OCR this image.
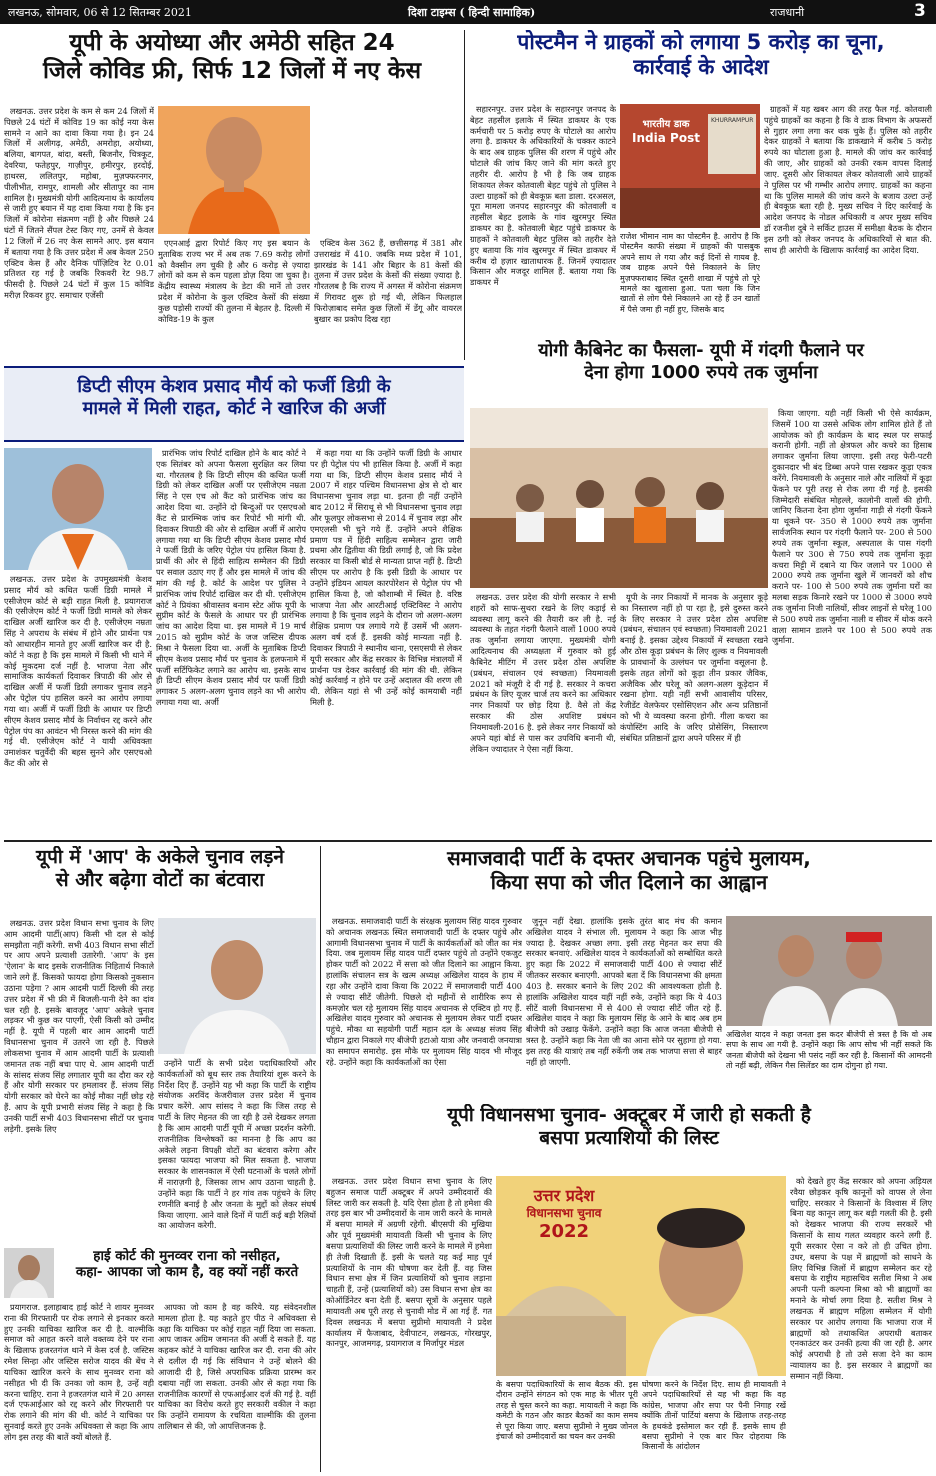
लखनऊ, सोमवार, 06 से 12 सितम्बर 2021	दिशा टाइम्स ( हिन्दी सामाहिक)	राजधानी	3
यूपी के अयोध्या और अमेठी सहित 24
जिले कोविड फ्री, सिर्फ 12 जिलों में नए केस

लखनऊ. उत्तर प्रदेश के कम से कम 24 जिलों में पिछले 24 घंटों में कोविड 19 का कोई नया केस सामने न आने का दावा किया गया है। इन 24 जिलों में अलीगढ़, अमेठी, अमरोहा, अयोध्या, बलिया, बागपत, बांदा, बस्ती, बिजनौर, चित्रकूट, देवरिया, फतेहपुर, गाज़ीपुर, हमीरपुर, हरदोई, हाथरस, ललितपुर, महोबा, मुज़फ्फरनगर, पीलीभीत, रामपुर, शामली और सीतापुर का नाम शामिल है। मुख्यमंत्री योगी आदित्यनाथ के कार्यालय से जारी हुए बयान में यह दावा किया गया है कि इन जिलों में कोरोना संक्रमण नहीं है और पिछले 24 घंटों में जितने सैंपल टेस्ट किए गए, उनमें से केवल 12 जिलों में 26 नए केस सामने आए. इस बयान में बताया गया है कि उत्तर प्रदेश में अब केवल 250 एक्टिव केस हैं और दैनिक पॉज़िटिव रेट 0.01 प्रतिशत रह गई है जबकि रिकवरी रेट 98.7 फीसदी है. पिछले 24 घंटों में कुल 15 कोविड मरीज़ रिकवर हुए. समाचार एजेंसी

एएनआई द्वारा रिपोर्ट किए गए इस बयान के मुताबिक राज्य भर में अब तक 7.69 करोड़ लोगों को वैक्सीन लग चुकी है और 6 करोड़ से ज़्यादा लोगों को कम से कम पहला डोज़ दिया जा चुका है। केंद्रीय स्वास्थ्य मंत्रालय के डेटा की मानें तो उत्तर प्रदेश में कोरोना के कुल एक्टिव केसों की संख्या कुछ पड़ोसी राज्यों की तुलना में बेहतर है. दिल्ली में कोविड-19 के कुल

एक्टिव केस 362 हैं, छत्तीसगढ़ में 381 और उत्तराखंड में 410. जबकि मध्य प्रदेश में 101, झारखंड के 141 और बिहार के 81 केसों की तुलना में उत्तर प्रदेश के केसों की संख्या ज़्यादा है. गौरतलब है कि राज्य में अगस्त में कोरोना संक्रमण में गिरावट शुरू हो गई थी, लेकिन फिलहाल फिरोज़ाबाद समेत कुछ ज़िलों में डेंगू और वायरल बुखार का प्रकोप दिख रहा

पोस्टमैन ने ग्राहकों को लगाया 5 करोड़ का चूना,
कार्रवाई के आदेश

सहारनपुर. उत्तर प्रदेश के सहारनपुर जनपद के बेहट तहसील इलाके में स्थित डाकघर के एक कर्मचारी पर 5 करोड़ रुपए के घोटाले का आरोप लगा है. डाकघर के अधिकारियों के चक्कर काटने के बाद अब ग्राहक पुलिस की शरण में पहुंचे और घोटाले की जांच किए जाने की मांग करते हुए तहरीर दी. आरोप है भी है कि जब ग्राहक शिकायत लेकर कोतवाली बेहट पहुंचे तो पुलिस ने उल्टा ग्राहकों को ही बेवकूफ़ बता डाला. दरअसल, पूरा मामला जनपद सहारनपुर की कोतवाली व तहसील बेहट इलाके के गांव खुरमपुर स्थित डाकघर का है. कोतवाली बेहट पहुंचे डाकघर के ग्राहकों ने कोतवाली बेहट पुलिस को तहरीर देते हुए बताया कि गांव खुरमपुर में स्थित डाकघर में करीब दो हज़ार खाताधारक हैं. जिनमें ज़्यादातर किसान और मजदूर शामिल हैं. बताया गया कि डाकघर में

भारतीय डाक
India Post
KHURRAMPUR
राजेश भीमान नाम का पोस्टमैन है. आरोप है कि पोस्टमैन काफी संख्या में ग्राहकों की पासबुक अपने साथ ले गया और कई दिनों से गायब है. जब ग्राहक अपने पैसे निकालने के लिए मुज़फ्फराबाद स्थित दूसरी शाखा में पहुंचे तो पूरे मामले का खुलासा हुआ. पता चला कि जिन खातों से लोग पैसे निकालने आ रहे हैं उन खातों में पैसे जमा ही नहीं हुए, जिसके बाद

ग्राहकों में यह खबर आग की तरह फैल गई. कोतवाली पहुंचे ग्राहकों का कहना है कि वे डाक विभाग के अफसरों से गुहार लगा लगा कर थक चुके हैं। पुलिस को तहरीर देकर ग्राहकों ने बताया कि डाकखाने में करीब 5 करोड़ रुपये का घोटाला हुआ है. मामले की जांच कर कार्रवाई की जाए, और ग्राहकों को उनकी रकम वापस दिलाई जाए. दूसरी ओर शिकायत लेकर कोतवाली आये ग्राहकों ने पुलिस पर भी गम्भीर आरोप लगाए. ग्राहकों का कहना था कि पुलिस मामले की जांच करने के बजाय उल्टा उन्हें ही बेवकूफ़ बता रही है. मुख्य सचिव ने दिए कार्रवाई के आदेश जनपद के नोडल अधिकारी व अपर मुख्य सचिव डॉ रजनीश दुबे ने सर्किट हाउस में समीक्षा बैठक के दौरान इस ठगी को लेकर जनपद के अधिकारियों से बात की. साथ ही आरोपी के खिलाफ कार्रवाई का आदेश दिया.

योगी कैबिनेट का फैसला- यूपी में गंदगी फैलाने पर
देना होगा 1000 रुपये तक जुर्माना

लखनऊ. उत्तर प्रदेश की योगी सरकार ने सभी शहरों को साफ-सुथरा रखने के लिए कड़ाई से व्यवस्था लागू करने की तैयारी कर ली है. नई व्यवस्था के तहत गंदगी फैलाने वालों 1000 रुपये तक जुर्माना लगाया जाएगा. मुख्यमंत्री योगी आदित्यनाथ की अध्यक्षता में गुरुवार को हुई कैबिनेट मीटिंग में उत्तर प्रदेश ठोस अपशिष्ट (प्रबंधन, संचालन एवं स्वच्छता) नियमावली 2021 को मंजूरी दे दी गई है. सरकार ने कचरा प्रबंधन के लिए यूजर चार्ज तय करने का अधिकार नगर निकायों पर छोड़ दिया है. वैसे तो केंद्र सरकार की ठोस अपशिष्ट प्रबंधन नियमावली-2016 है. इसे लेकर नगर निकायों को अपने यहां बोर्ड से पास कर उपविधि बनानी थी, लेकिन ज्यादातर ने ऐसा नहीं किया.

यूपी के नगर निकायों में मानक के अनुसार कूड़े का निस्तारण नहीं हो पा रहा है, इसे दुरुस्त करने के लिए सरकार ने उत्तर प्रदेश ठोस अपशिष्ट (प्रबंधन, संचालन एवं स्वच्छता) नियमावली 2021 बनाई है. इसका उद्देश्य निकायों में स्वच्छता रखने और ठोस कूड़ा प्रबंधन के लिए शुल्क व नियमावली के प्रावधानों के उल्लंघन पर जुर्माना वसूलना है. इसके तहत लोगों को कूड़ा तीन प्रकार जैविक, अजैविक और घरेलू को अलग-अलग कूड़ेदान में रखना होगा. यही नहीं सभी आवासीय परिसर, रेजीडेंट वेलफेयर एसोसिएशन और अन्य प्रतिष्ठानों को भी ये व्यवस्था करना होगी. गीला कचरा का कंपोस्टिंग आदि के जरिए प्रोसेसिंग, निस्तारण संबंधित प्रतिष्ठानों द्वारा अपने परिसर में ही

किया जाएगा. यही नहीं किसी भी ऐसे कार्यक्रम, जिसमें 100 या उससे अधिक लोग शामिल होते हैं तो आयोजक को ही कार्यक्रम के बाद स्थल पर सफाई करानी होगी. नहीं तो क्षेत्रफल और कचरे का हिसाब लगाकर जुर्माना लिया जाएगा. इसी तरह फेरी-पटरी दुकानदार भी बंद डिब्बा अपने पास रखकर कूड़ा एकत्र करेंगे. नियमावली के अनुसार नाले और नालियों में कूड़ा फेंकने पर पूरी तरह से रोक लगा दी गई है. इसकी जिम्मेदारी संबंधित मोहल्ले, कालोनी वालों की होगी. जानिए कितना देना होगा जुर्माना गाड़ी से गंदगी फेंकने या थूकने पर- 350 से 1000 रुपये तक जुर्माना सार्वजनिक स्थान पर गंदगी फैलाने पर- 200 से 500 रुपये तक जुर्माना स्कूल, अस्पताल के पास गंदगी फैलाने पर 300 से 750 रुपये तक जुर्माना कूड़ा कचरा मिट्टी में दबाने या फिर जलाने पर 1000 से 2000 रुपये तक जुर्माना खुले में जानवरों को शौच कराने पर- 100 से 500 रुपये तक जुर्माना घरों का मलबा सड़क किनारे रखने पर 1000 से 3000 रुपये तक जुर्माना निजी नालियों, सीवर लाइनों से घरेलू 100 से 500 रुपये तक जुर्माना नाली व सीवर में थोक करने वाला सामान डालने पर 100 से 500 रुपये तक जुर्माना.

डिप्टी सीएम केशव प्रसाद मौर्य को फर्जी डिग्री के
मामले में मिली राहत, कोर्ट ने खारिज की अर्जी

लखनऊ. उत्तर प्रदेश के उपमुख्यमंत्री केशव प्रसाद मौर्य को कथित फर्जी डिग्री मामले में एसीजेएम कोर्ट से बड़ी राहत मिली है. प्रयागराज की एसीजेएम कोर्ट ने फर्जी डिग्री मामले को लेकर दाखिल अर्जी खारिज कर दी है. एसीजेएम नम्रता सिंह ने अपराध के संबंध में होने और प्रार्थना पत्र को आधारहीन मानते हुए अर्जी खारिज कर दी है. कोर्ट ने कहा है कि इस मामले में किसी भी थाने में कोई मुकदमा दर्ज नहीं है. भाजपा नेता और सामाजिक कार्यकर्ता दिवाकर त्रिपाठी की ओर से दाखिल अर्जी में फर्जी डिग्री लगाकर चुनाव लड़ने और पेट्रोल पंप हासिल करने का आरोप लगाया गया था। अर्जी में फर्जी डिग्री के आधार पर डिप्टी सीएम केशव प्रसाद मौर्य के निर्वाचन रद्द करने और पेट्रोल पंप का आवंटन भी निरस्त करने की मांग की गई थी. एसीजेएम कोर्ट ने यायी अधिवक्ता उमाशंकर चतुर्वेदी की बहस सुनने और एसएचओ कैंट की ओर से

प्रारंभिक जांच रिपोर्ट दाखिल होने के बाद कोर्ट ने एक सितंबर को अपना फैसला सुरक्षित कर लिया था. गौरतलब है कि डिप्टी सीएम की कथित फर्जी डिग्री को लेकर दाखिल अर्जी पर एसीजेएम नम्रता सिंह ने एस एच ओ कैंट को प्रारंभिक जांच का आदेश दिया था. उन्होंने दो बिन्दुओं पर एसएचओ कैंट से प्रारम्भिक जांच कर रिपोर्ट भी मांगी थी. दिवाकर त्रिपाठी की ओर से दाखिल अर्जी में आरोप लगाया गया था कि डिप्टी सीएम केशव प्रसाद मौर्य ने फर्जी डिग्री के जरिए पेट्रोल पंप हासिल किया है. प्रार्थी की ओर से हिंदी साहित्य सम्मेलन की डिग्री पर सवाल उठाए गए हैं और इस मामले में जांच की मांग की गई है. कोर्ट के आदेश पर पुलिस ने प्रारंभिक जांच रिपोर्ट दाखिल कर दी थी. एसीजेएम कोर्ट ने प्रियंका श्रीवास्तव बनाम स्टेट ऑफ यूपी के सुप्रीम कोर्ट के फैसले के आधार पर ही प्रारंभिक जांच का आदेश दिया था. इस मामले में 19 मार्च 2015 को सुप्रीम कोर्ट के जज जस्टिस दीपक मिश्रा ने फैसला दिया था. अर्जी के मुताबिक डिप्टी सीएम केशव प्रसाद मौर्य पर चुनाव के हलफनामे में फर्जी सर्टिफिकेट लगाने का आरोप था. इसके साथ ही डिप्टी सीएम केशव प्रसाद मौर्य पर फर्जी डिग्री लगाकर 5 अलग-अलग चुनाव लड़ने का भी आरोप लगाया गया था. अर्जी

में कहा गया था कि उन्होंने फर्जी डिग्री के आधार पर ही पेट्रोल पंप भी हासिल किया है. अर्जी में कहा गया था कि, डिप्टी सीएम केशव प्रसाद मौर्य ने 2007 में शहर पश्चिम विधानसभा क्षेत्र से दो बार विधानसभा चुनाव लड़ा था. इतना ही नहीं उन्होंने बाद 2012 में सिराथू से भी विधानसभा चुनाव लड़ा और फूलपुर लोकसभा से 2014 में चुनाव लड़ा और एमएलसी भी चुने गये हैं. उन्होंने अपने शैक्षिक प्रमाण पत्र में हिंदी साहित्य सम्मेलन द्वारा जारी प्रथमा और द्वितीया की डिग्री लगाई है, जो कि प्रदेश सरकार या किसी बोर्ड से मान्यता प्राप्त नहीं है. डिप्टी सीएम पर आरोप है कि इसी डिग्री के आधार पर उन्होंने इंडियन आयल कारपोरेशन से पेट्रोल पंप भी हासिल किया है, जो कौशाम्बी में स्थित है. वरिष्ठ भाजपा नेता और आरटीआई एक्टिविस्ट ने आरोप लगाया है कि चुनाव लड़ने के दौरान जो अलग-अलग शैक्षिक प्रमाण पत्र लगाये गये हैं उसमें भी अलग-अलग वर्ष दर्ज हैं. इसकी कोई मान्यता नहीं है. दिवाकर त्रिपाठी ने स्थानीय थाना, एसएसपी से लेकर यूपी सरकार और केंद्र सरकार के विभिन्न मंत्रालयों में प्रार्थना पत्र देकर कार्रवाई की मांग की थी. लेकिन कोई कार्रवाई न होने पर उन्हें अदालत की शरण ली थी. लेकिन यहां से भी उन्हें कोई कामयाबी नहीं मिली है.

यूपी में 'आप' के अकेले चुनाव लड़ने
से और बढ़ेगा वोटों का बंटवारा

लखनऊ. उत्तर प्रदेश विधान सभा चुनाव के लिए आम आदमी पार्टी(आप) किसी भी दल से कोई समझौता नहीं करेगी. सभी 403 विधान सभा सीटों पर आप अपने प्रत्याशी उतारेगी. 'आप' के इस 'ऐलान' के बाद इसके राजनीतिक निहितार्थ निकाले जाने लगे हैं. किसको फायदा होगा किसको नुकसान उठाना पड़ेगा ? आम आदमी पार्टी दिल्ली की तरह उत्तर प्रदेश में भी फ्री में बिजली-पानी देने का दांव चल रही है. इसके बावजूद 'आप' अकेले चुनाव लड़कर भी कुछ कर पाएगी, ऐसी किसी को उम्मीद नहीं है. यूपी में पहली बार आम आदमी पार्टी विधानसभा चुनाव में उतरने जा रही है. पिछले लोकसभा चुनाव में आम आदमी पार्टी के प्रत्याशी जमानत तक नहीं बचा पाए थे. आम आदमी पार्टी के सांसद संजय सिंह लगातार यूपी का दौरा कर रहे हैं और योगी सरकार पर हमलावर हैं. संजय सिंह योगी सरकार को घेरने का कोई मौका नहीं छोड़ रहे हैं. आप के यूपी प्रभारी संजय सिंह ने कहा है कि उनकी पार्टी सभी 403 विधानसभा सीटों पर चुनाव लड़ेगी. इसके लिए

उन्होंने पार्टी के सभी प्रदेश पदाधिकारियों और कार्यकर्ताओं को बूथ स्तर तक तैयारियां शुरू करने के निर्देश दिए हैं. उन्होंने यह भी कहा कि पार्टी के राष्ट्रीय संयोजक अरविंद केजरीवाल उत्तर प्रदेश में चुनाव प्रचार करेंगे. आप सांसद ने कहा कि जिस तरह से पार्टी के लिए मेहनत की जा रही है उसे देखकर लगता है कि आम आदमी पार्टी यूपी में अच्छा प्रदर्शन करेगी. राजनीतिक विश्लेषकों का मानना है कि आप का अकेले लड़ना विपक्षी वोटों का बंटवारा करेगा और इसका फायदा भाजपा को मिल सकता है. भाजपा सरकार के शासनकाल में ऐसी घटनाओं के चलते लोगों में नाराज़गी है, जिसका लाभ आप उठाना चाहती है. उन्होंने कहा कि पार्टी ने हर गांव तक पहुंचने के लिए रणनीति बनाई है और जनता के मुद्दों को लेकर संघर्ष किया जाएगा. आने वाले दिनों में पार्टी कई बड़ी रैलियों का आयोजन करेगी.

हाई कोर्ट की मुनव्वर राना को नसीहत,
कहा- आपका जो काम है, वह क्यों नहीं करते

प्रयागराज. इलाहाबाद हाई कोर्ट ने शायर मुनव्वर राना की गिरफ्तारी पर रोक लगाने से इनकार करते हुए उनकी याचिका खारिज कर दी है. वाल्मीकि समाज को आहत करने वाले वक्तव्य देने पर राना के खिलाफ हजरतगंज थाने में केस दर्ज है. जस्टिस रमेश सिन्हा और जस्टिस सरोज यादव की बेंच ने याचिका खारिज करने के साथ मुनव्वर राना को नसीहत भी दी कि उनका जो काम है, उन्हें वही करना चाहिए. राना ने हजरतगंज थाने में 20 अगस्त दर्ज एफआईआर को रद्द करने और गिरफ्तारी पर रोक लगाने की मांग की थी. कोर्ट ने याचिका पर सुनवाई करते हुए उनके अधिवक्ता से कहा कि आप लोग इस तरह की बातें क्यों बोलते हैं.

आपका जो काम है वह करिये. यह संवेदनशील मामला होता है. यह कहते हुए पीठ ने अधिवक्ता से कहा कि याचिका पर कोई राहत नहीं दिया जा सकता. आप जाकर अग्रिम जमानत की अर्जी दे सकते हैं. यह कहकर कोर्ट ने याचिका खारिज कर दी. राना की ओर से दलील दी गई कि संविधान ने उन्हें बोलने की आजादी दी है, जिसे अपराधिक प्रक्रिया प्रारम्भ कर दबाया नहीं जा सकता. उनकी ओर से कहा गया कि राजनीतिक कारणों से एफआईआर दर्ज की गई है. वहीं याचिका का विरोध करते हुए सरकारी वकील ने कहा कि उन्होंने रामायण के रचयिता वाल्मीकि की तुलना तालिबान से की, जो आपत्तिजनक है.

समाजवादी पार्टी के दफ्तर अचानक पहुंचे मुलायम,
किया सपा को जीत दिलाने का आह्वान

लखनऊ. समाजवादी पार्टी के संरक्षक मुलायम सिंह यादव गुरुवार को अचानक लखनऊ स्थित समाजवादी पार्टी के दफ्तर पहुंचे और आगामी विधानसभा चुनाव में पार्टी के कार्यकर्ताओं को जीत का मंत्र दिया. जब मुलायम सिंह यादव पार्टी दफ्तर पहुंचे तो उन्होंने एकजुट होकर पार्टी को 2022 में सत्ता को जीत दिलाने का आह्वान किया. हालांकि संचालन सत्र के खत्म अध्यक्ष अखिलेश यादव के हाथ में रहा और उन्होंने दावा किया कि 2022 में समाजवादी पार्टी 400 से ज्यादा सीटें जीतेगी. पिछले दो महीनों से शारीरिक रूप से कमज़ोर चल रहे मुलायम सिंह यादव अचानक से एक्टिव हो गए हैं. अखिलेश यादव गुरुवार को अचानक से मुलायम लेकर पार्टी दफ्तर पहुंचे. मौका था सहयोगी पार्टी महान दल के अध्यक्ष संजय सिंह चौहान द्वारा निकाले गए बीजेपी हटाओ यात्रा और जनवादी जनयात्रा का समापन समारोह. इस मौके पर मुलायम सिंह यादव भी मौजूद रहे. उन्होंने कहा कि कार्यकर्ताओं का ऐसा

जुनून नहीं देखा. हालांकि इसके तुरंत बाद मंच की कमान अखिलेश यादव ने संभाल ली. मुलायम ने कहा कि आज भीड़ ज्यादा है. देखकर अच्छा लगा. इसी तरह मेहनत कर सपा की सरकार बनवाएं. अखिलेश यादव ने कार्यकर्ताओं को सम्बोधित करते हुए कहा कि 2022 में समाजवादी पार्टी 400 से ज्यादा सीटें जीतकर सरकार बनाएगी. आपको बता दें कि विधानसभा की क्षमता 403 है. सरकार बनाने के लिए 202 की आवश्यकता होती है. हालांकि अखिलेश यादव यहीं नहीं रुके, उन्होंने कहा कि ये 403 सीटें वाली विधानसभा में से 400 से ज्यादा सीटें जीत रहे हैं. अखिलेश यादव ने कहा कि मुलायम सिंह के आने के बाद अब हम बीजेपी को उखाड़ फेंकेंगे. उन्होंने कहा कि आज जनता बीजेपी से त्रस्त है. उन्होंने कहा कि नेता जी का आना सोने पर सुहागा हो गया. इस तरह की यात्राएं तब नहीं रुकेंगी जब तक भाजपा सत्ता से बाहर नहीं हो जाएगी.

अखिलेश यादव ने कहा जनता इस कदर बीजेपी से त्रस्त है कि वो अब सपा के साथ आ गयी है. उन्होंने कहा कि आप सोच भी नहीं सकते कि जनता बीजेपी को देखना भी पसंद नहीं कर रही है. किसानों की आमदनी तो नहीं बढ़ी, लेकिन गैस सिलेंडर का दाम दोगुना हो गया.
यूपी विधानसभा चुनाव- अक्टूबर में जारी हो सकती है
बसपा प्रत्याशियों की लिस्ट

लखनऊ. उत्तर प्रदेश विधान सभा चुनाव के लिए बहुजन समाज पार्टी अक्टूबर में अपने उम्मीदवारों की लिस्ट जारी कर सकती है. यदि ऐसा होता है तो हमेशा की तरह इस बार भी उम्मीदवारों के नाम जारी करने के मामले में बसपा मामले में अग्रणी रहेगी. बीएसपी की मुखिया और पूर्व मुख्यमंत्री मायावती किसी भी चुनाव के लिए बसपा प्रत्याशियों की लिस्ट जारी करने के मामले में हमेशा ही तेजी दिखाती हैं. इसी के चलते यह कई माह पूर्व प्रत्याशियों के नाम की घोषणा कर देती हैं. वह जिस विधान सभा क्षेत्र में जिन प्रत्याशियों को चुनाव लड़ाना चाहती हैं, उन्हें (प्रत्याशियों को) उस विधान सभा क्षेत्र का कोऑर्डिनेटर बना देती हैं. बसपा सूत्रों के अनुसार पहले मायावती अब पूरी तरह से चुनावी मोड में आ गई हैं. गत दिवस लखनऊ में बसपा सुप्रीमो मायावती ने प्रदेश कार्यालय में फैजाबाद, देवीपाटन, लखनऊ, गोरखपुर, कानपुर, आजमगढ़, प्रयागराज व मिर्जापुर मंडल

उत्तर प्रदेश
विधानसभा चुनाव
2022
के बसपा पदाधिकारियों के साथ बैठक की. इस दौरान उन्होंने संगठन को एक माह के भीतर पूरी तरह से चुस्त करने का कहा. मायावती ने कहा कि कमेटी के गठन और काडर बैठकों का काम समय से पूरा किया जाए. बसपा सुप्रीमो ने मुख्य जोनल इंचार्ज को उम्मीदवारों का चयन कर उनकी
घोषणा करने के निर्देश दिए. साथ ही मायावती ने अपने पदाधिकारियों से यह भी कहा कि वह कांग्रेस, भाजपा और सपा पर पैनी निगाह रखें क्योंकि तीनों पार्टियां बसपा के खिलाफ तरह-तरह के हथकंडे इस्तेमाल कर रही हैं. इसके साथ ही बसपा सुप्रीमो ने एक बार फिर दोहराया कि किसानों के आंदोलन

को देखते हुए केंद्र सरकार को अपना अड़ियल रवैया छोड़कर कृषि कानूनों को वापस ले लेना चाहिए. सरकार ने किसानों के विश्वास में लिए बिना यह कानून लागू कर बड़ी गलती की है. इसी को देखकर भाजपा की राज्य सरकारें भी किसानों के साथ गलत व्यवहार करने लगी हैं. यूपी सरकार ऐसा न करे तो ही उचित होगा. उधर, बसपा के पक्ष में ब्राह्मणों को साधने के लिए विभिन्न जिलों में ब्राह्मण सम्मेलन कर रहे बसपा के राष्ट्रीय महासचिव सतीश मिश्रा ने अब अपनी पत्नी कल्पना मिश्रा को भी ब्राह्मणों का मनाने के मोर्चा लगा दिया है. सतीश मिश्र ने लखनऊ में ब्राह्मण महिला सम्मेलन में योगी सरकार पर आरोप लगाया कि भाजपा राज में ब्राह्मणों को तथाकथित अपराधी बताकर एनकाउंटर कर उनकी हत्या की जा रही है. अगर कोई अपराधी है तो उसे सजा देने का काम न्यायालय का है. इस सरकार ने ब्राह्मणों का सम्मान नहीं किया.
